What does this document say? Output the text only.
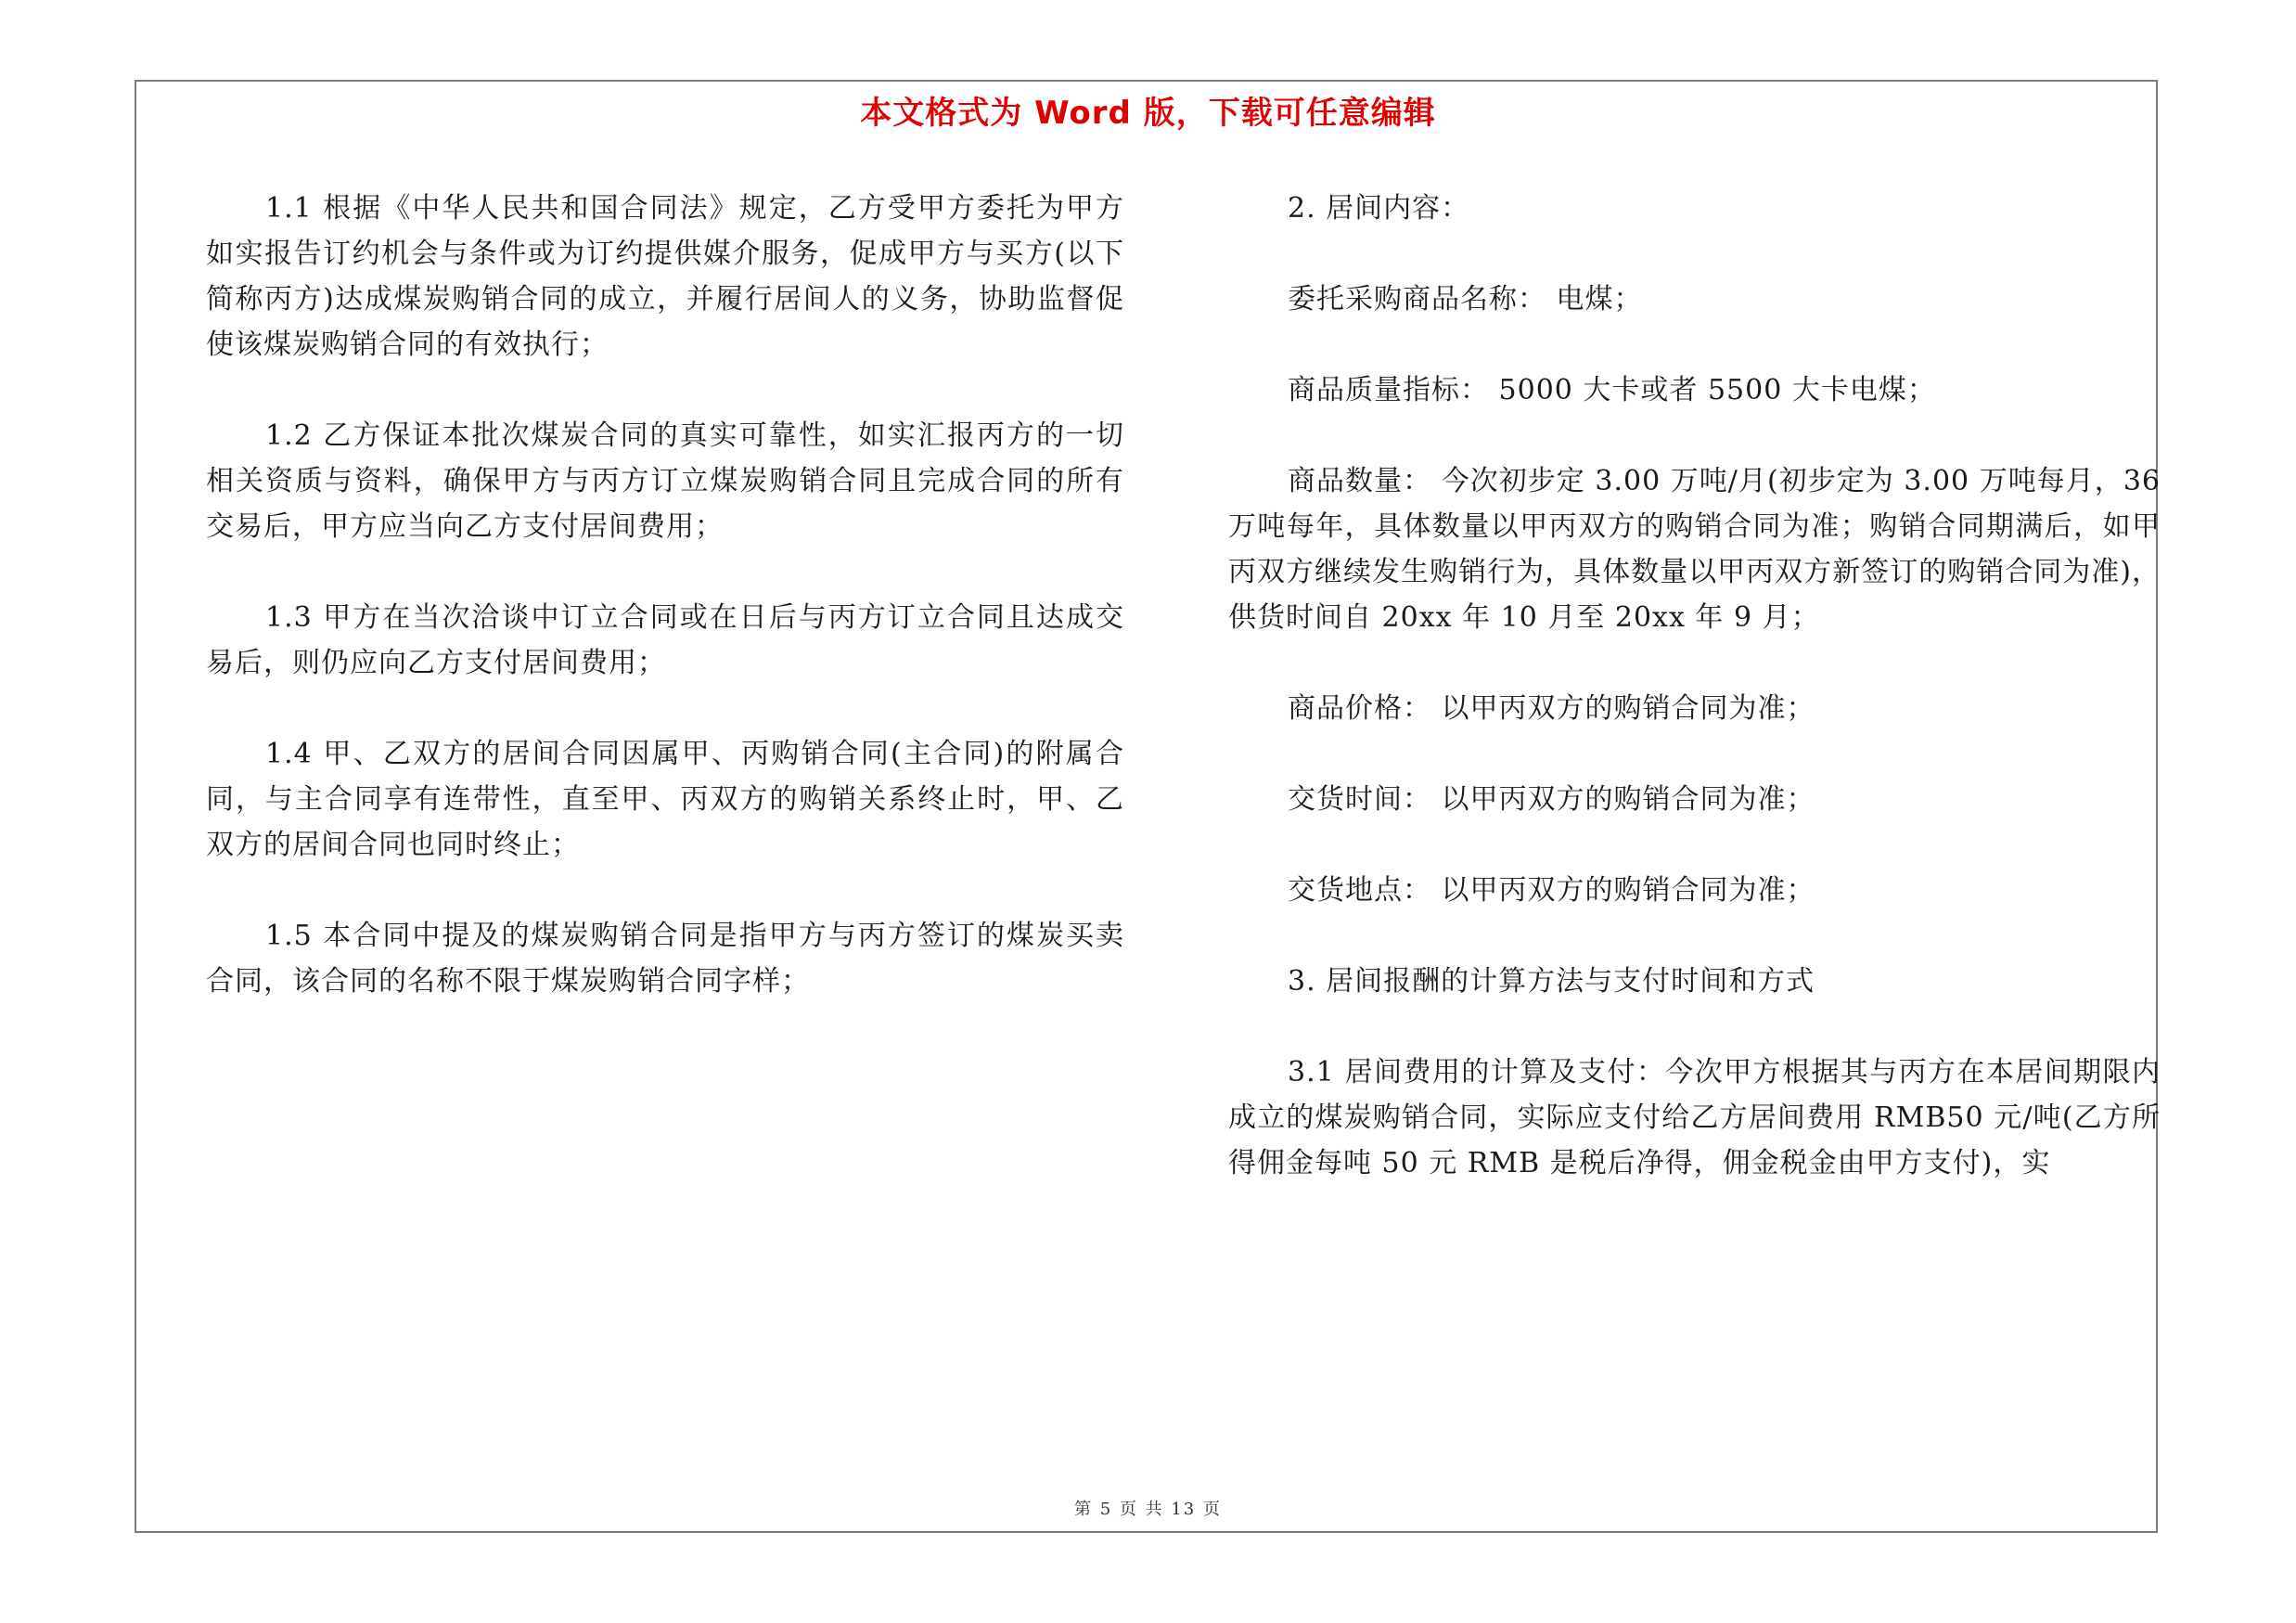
本文格式为 Word 版，下载可任意编辑

1.1 根据《中华人民共和国合同法》规定，乙方受甲方委托为甲方如实报告订约机会与条件或为订约提供媒介服务，促成甲方与买方(以下简称丙方)达成煤炭购销合同的成立，并履行居间人的义务，协助监督促使该煤炭购销合同的有效执行；

1.2 乙方保证本批次煤炭合同的真实可靠性，如实汇报丙方的一切相关资质与资料，确保甲方与丙方订立煤炭购销合同且完成合同的所有交易后，甲方应当向乙方支付居间费用；

1.3 甲方在当次洽谈中订立合同或在日后与丙方订立合同且达成交易后，则仍应向乙方支付居间费用；

1.4 甲、乙双方的居间合同因属甲、丙购销合同(主合同)的附属合同，与主合同享有连带性，直至甲、丙双方的购销关系终止时，甲、乙双方的居间合同也同时终止；

1.5 本合同中提及的煤炭购销合同是指甲方与丙方签订的煤炭买卖合同，该合同的名称不限于煤炭购销合同字样；

2. 居间内容：

委托采购商品名称： 电煤；

商品质量指标： 5000 大卡或者 5500 大卡电煤；

商品数量： 今次初步定 3.00 万吨/月(初步定为 3.00 万吨每月，36 万吨每年，具体数量以甲丙双方的购销合同为准；购销合同期满后，如甲丙双方继续发生购销行为，具体数量以甲丙双方新签订的购销合同为准)，供货时间自 20xx 年 10 月至 20xx 年 9 月；

商品价格： 以甲丙双方的购销合同为准；

交货时间： 以甲丙双方的购销合同为准；

交货地点： 以甲丙双方的购销合同为准；

3. 居间报酬的计算方法与支付时间和方式

3.1 居间费用的计算及支付：今次甲方根据其与丙方在本居间期限内成立的煤炭购销合同，实际应支付给乙方居间费用 RMB50 元/吨(乙方所得佣金每吨 50 元 RMB 是税后净得，佣金税金由甲方支付)，实

第 5 页 共 13 页
